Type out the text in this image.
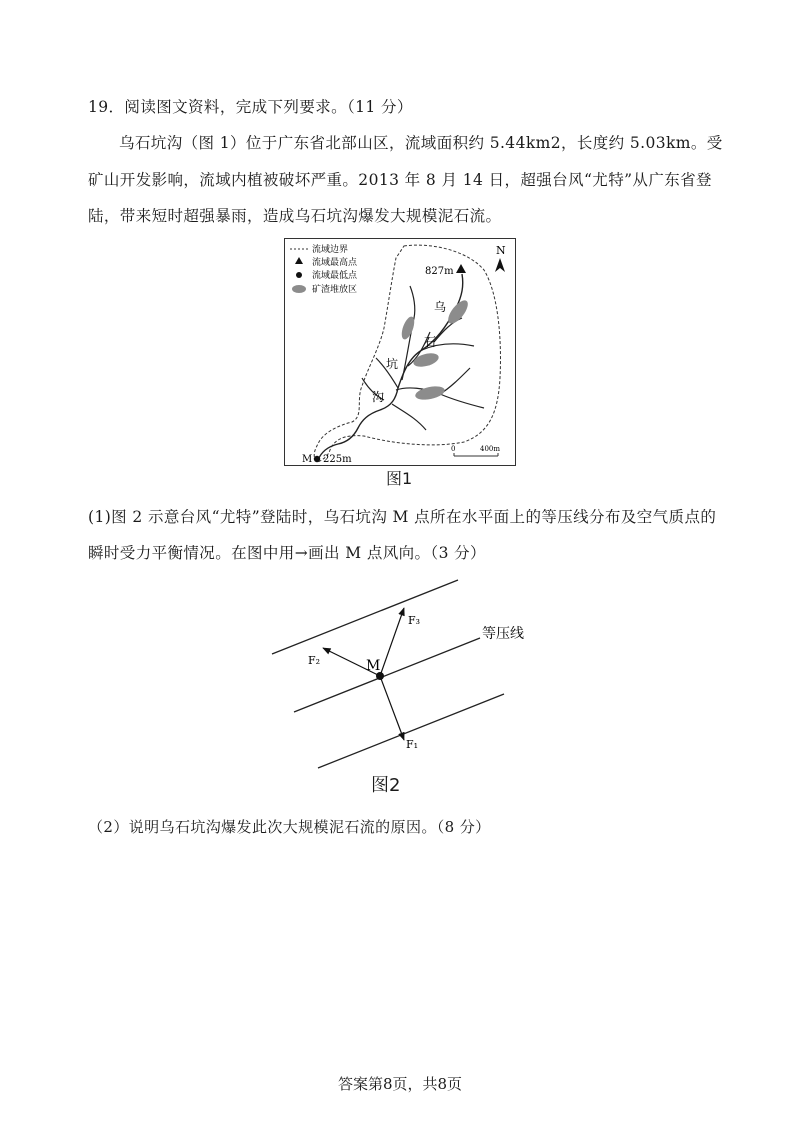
19．阅读图文资料，完成下列要求。（11 分）
乌石坑沟（图 1）位于广东省北部山区，流域面积约 5.44km2，长度约 5.03km。受
矿山开发影响，流域内植被破坏严重。2013 年 8 月 14 日，超强台风“尤特”从广东省登
陆，带来短时超强暴雨，造成乌石坑沟爆发大规模泥石流。
流域边界
流域最高点
流域最低点
矿渣堆放区
N
乌
石
坑
沟
827m
M 225m
0	400m
图1
(1)图 2 示意台风“尤特”登陆时，乌石坑沟 M 点所在水平面上的等压线分布及空气质点的
瞬时受力平衡情况。在图中用→画出 M 点风向。（3 分）
M
F₃
F₂
F₁
等压线
图2
（2）说明乌石坑沟爆发此次大规模泥石流的原因。（8 分）
答案第8页，共8页
